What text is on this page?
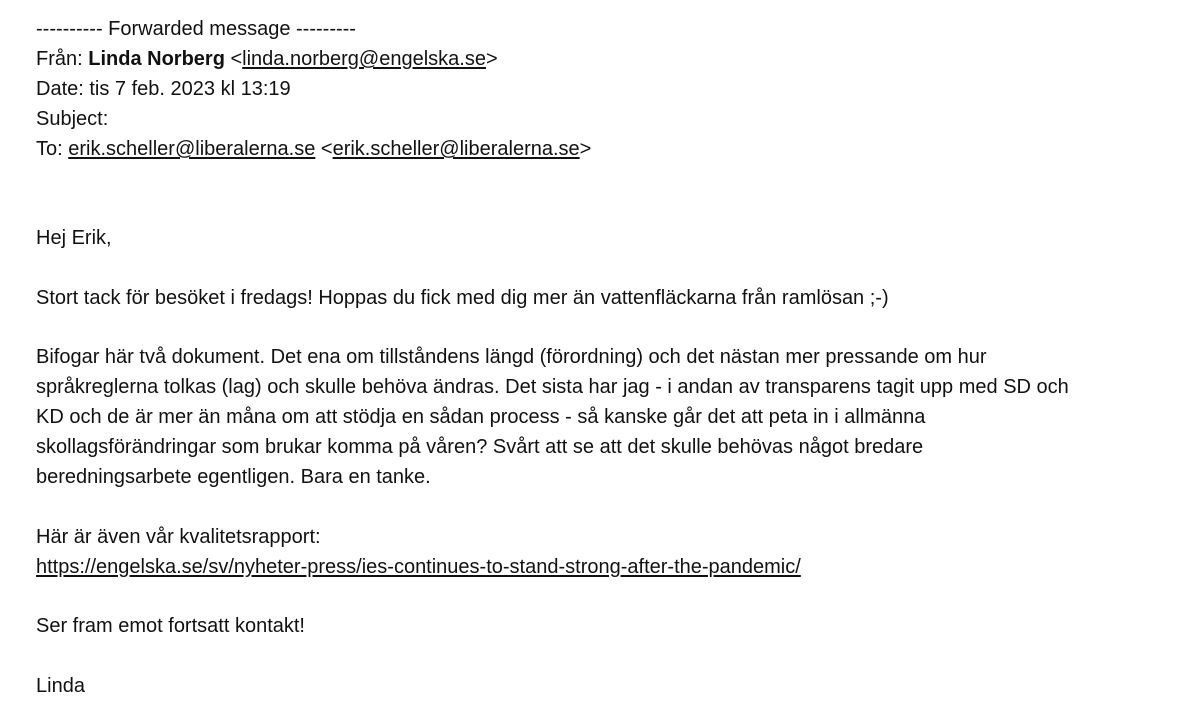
---------- Forwarded message ---------
Från: Linda Norberg <linda.norberg@engelska.se>
Date: tis 7 feb. 2023 kl 13:19
Subject:
To: erik.scheller@liberalerna.se <erik.scheller@liberalerna.se>
Hej Erik,
Stort tack för besöket i fredags! Hoppas du fick med dig mer än vattenfläckarna från ramlösan ;-)
Bifogar här två dokument. Det ena om tillståndens längd (förordning) och det nästan mer pressande om hur
språkreglerna tolkas (lag) och skulle behöva ändras. Det sista har jag - i andan av transparens tagit upp med SD och
KD och de är mer än måna om att stödja en sådan process - så kanske går det att peta in i allmänna
skollagsförändringar som brukar komma på våren? Svårt att se att det skulle behövas något bredare
beredningsarbete egentligen. Bara en tanke.
Här är även vår kvalitetsrapport:
https://engelska.se/sv/nyheter-press/ies-continues-to-stand-strong-after-the-pandemic/
Ser fram emot fortsatt kontakt!
Linda
